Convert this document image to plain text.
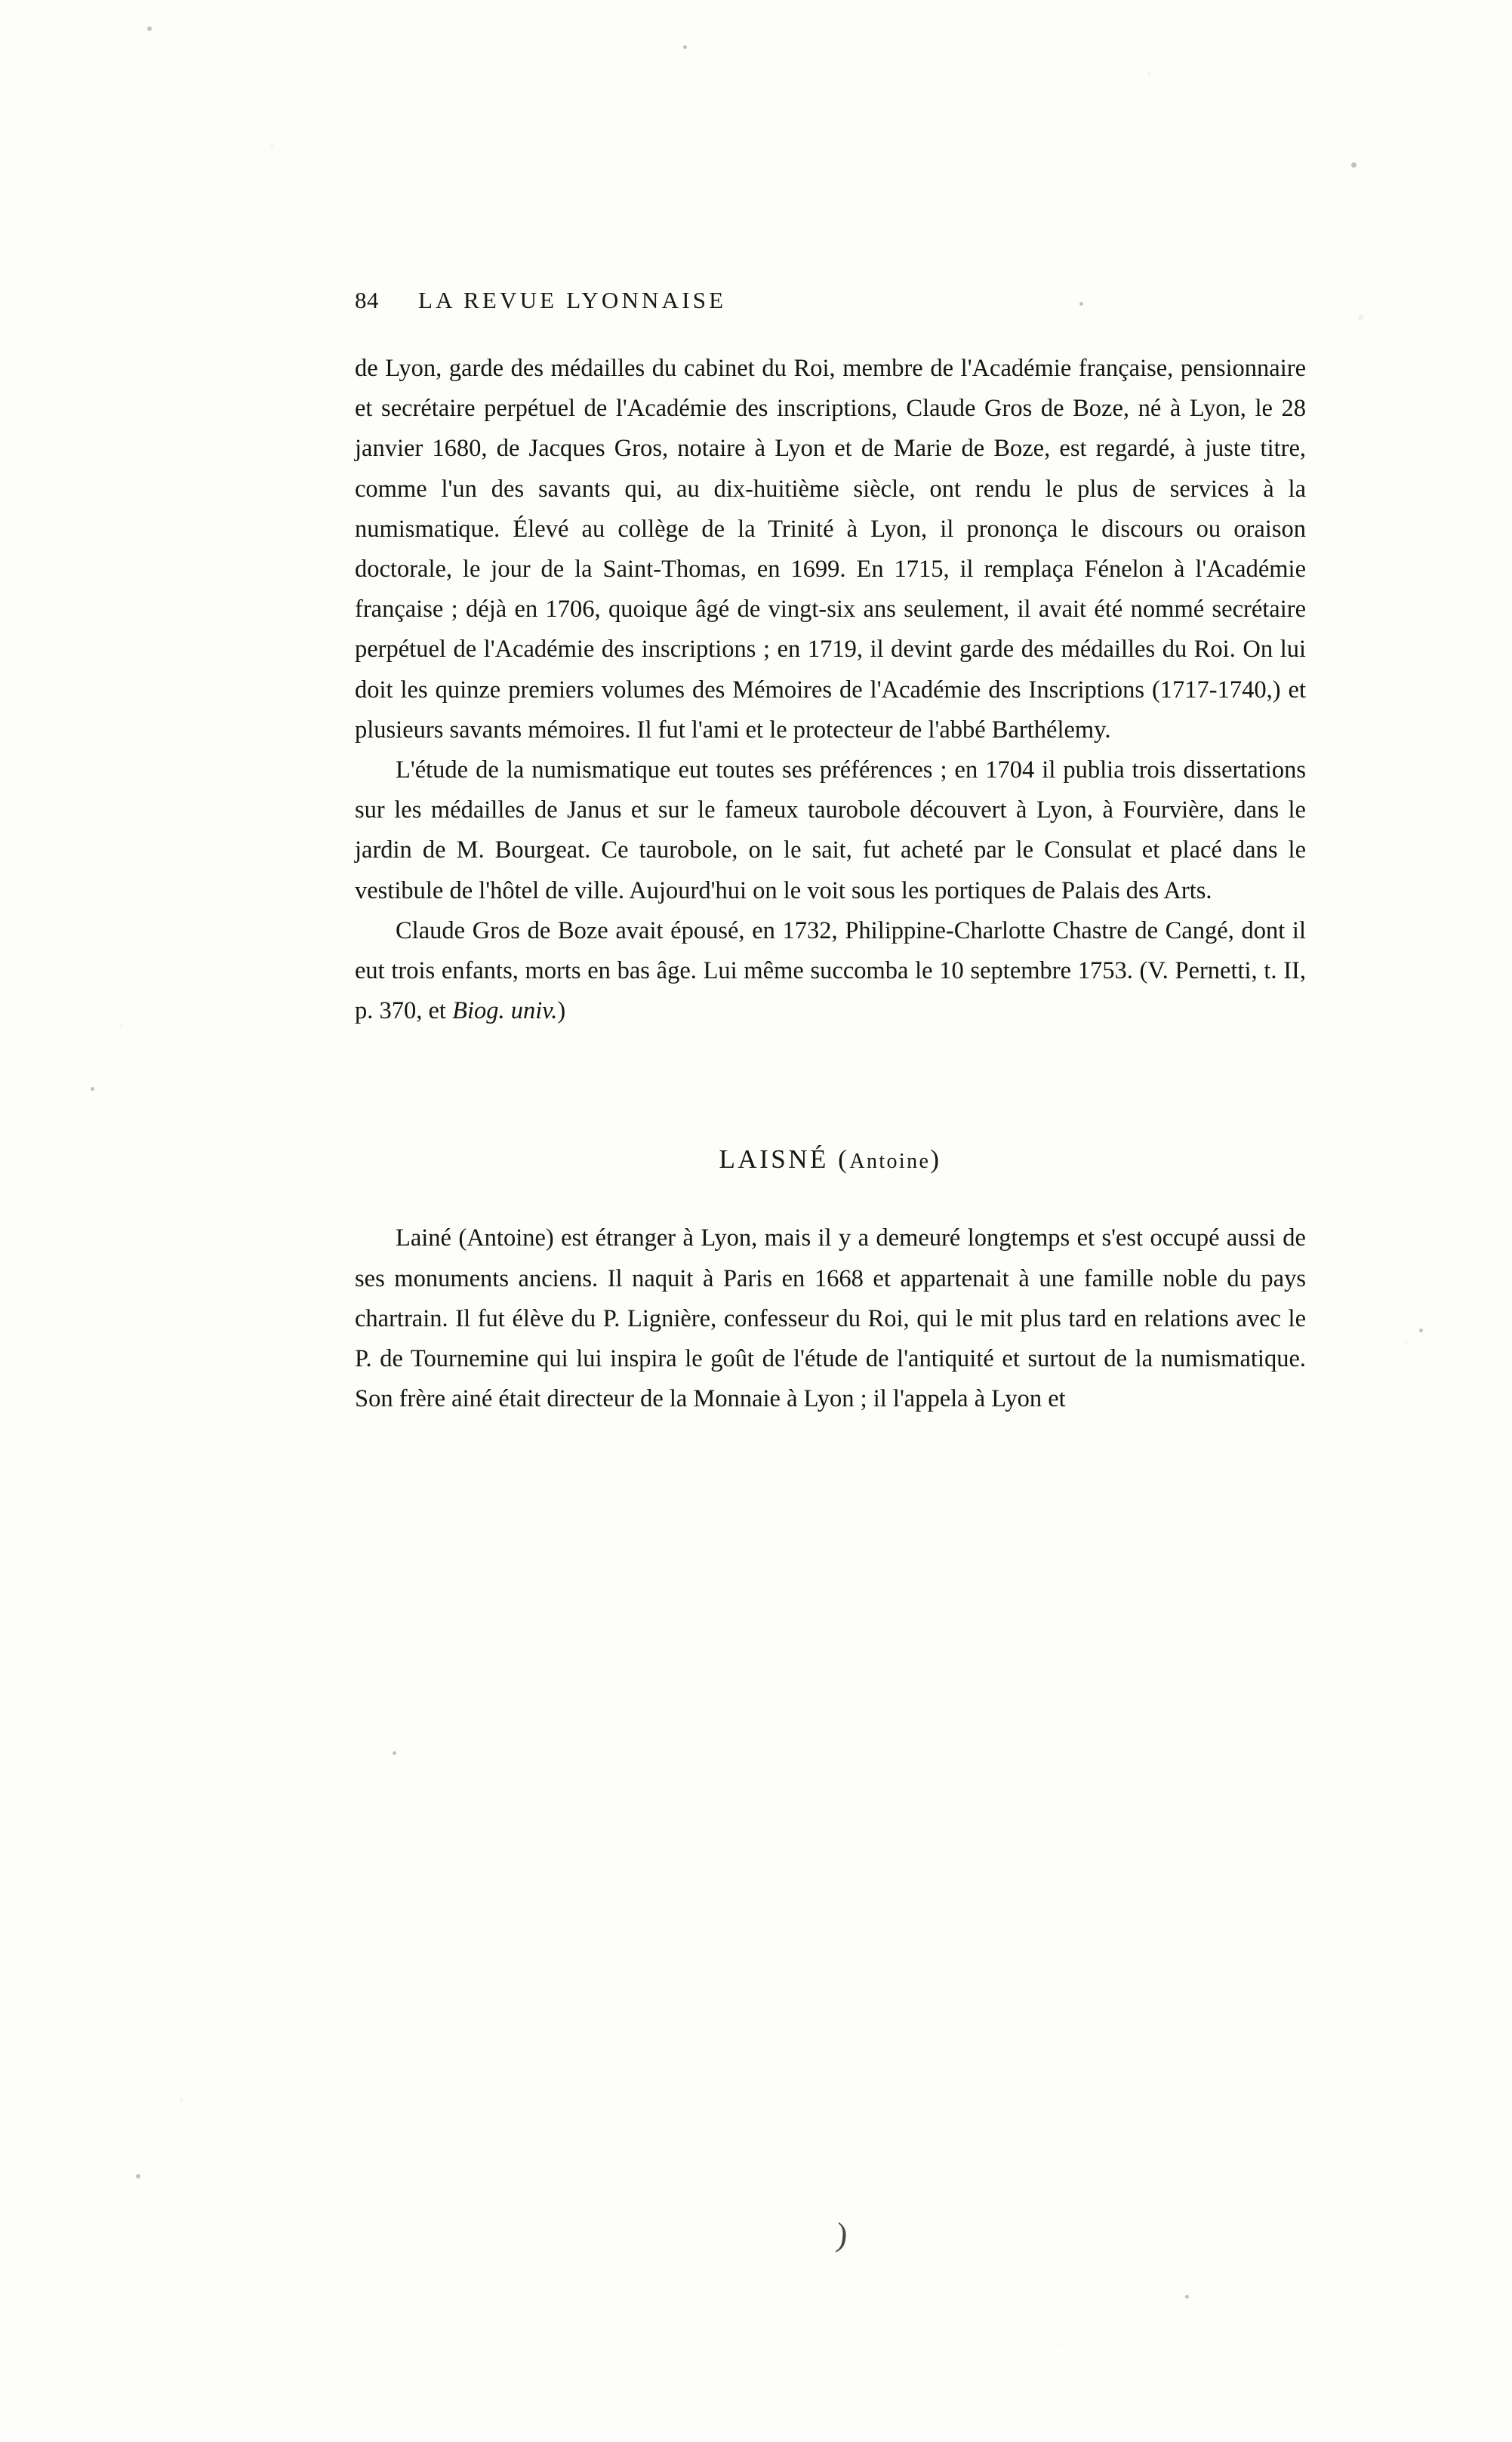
84 LA REVUE LYONNAISE

de Lyon, garde des médailles du cabinet du Roi, membre de l'Académie française, pensionnaire et secrétaire perpétuel de l'Académie des inscriptions, Claude Gros de Boze, né à Lyon, le 28 janvier 1680, de Jacques Gros, notaire à Lyon et de Marie de Boze, est regardé, à juste titre, comme l'un des savants qui, au dix-huitième siècle, ont rendu le plus de services à la numismatique. Élevé au collège de la Trinité à Lyon, il prononça le discours ou oraison doctorale, le jour de la Saint-Thomas, en 1699. En 1715, il remplaça Fénelon à l'Académie française ; déjà en 1706, quoique âgé de vingt-six ans seulement, il avait été nommé secrétaire perpétuel de l'Académie des inscriptions ; en 1719, il devint garde des médailles du Roi. On lui doit les quinze premiers volumes des Mémoires de l'Académie des Inscriptions (1717-1740,) et plusieurs savants mémoires. Il fut l'ami et le protecteur de l'abbé Barthélemy.

L'étude de la numismatique eut toutes ses préférences ; en 1704 il publia trois dissertations sur les médailles de Janus et sur le fameux taurobole découvert à Lyon, à Fourvière, dans le jardin de M. Bourgeat. Ce taurobole, on le sait, fut acheté par le Consulat et placé dans le vestibule de l'hôtel de ville. Aujourd'hui on le voit sous les portiques de Palais des Arts.

Claude Gros de Boze avait épousé, en 1732, Philippine-Charlotte Chastre de Cangé, dont il eut trois enfants, morts en bas âge. Lui même succomba le 10 septembre 1753. (V. Pernetti, t. II, p. 370, et Biog. univ.)

LAISNÉ (Antoine)

Lainé (Antoine) est étranger à Lyon, mais il y a demeuré longtemps et s'est occupé aussi de ses monuments anciens. Il naquit à Paris en 1668 et appartenait à une famille noble du pays chartrain. Il fut élève du P. Lignière, confesseur du Roi, qui le mit plus tard en relations avec le P. de Tournemine qui lui inspira le goût de l'étude de l'antiquité et surtout de la numismatique. Son frère ainé était directeur de la Monnaie à Lyon ; il l'appela à Lyon et

)
